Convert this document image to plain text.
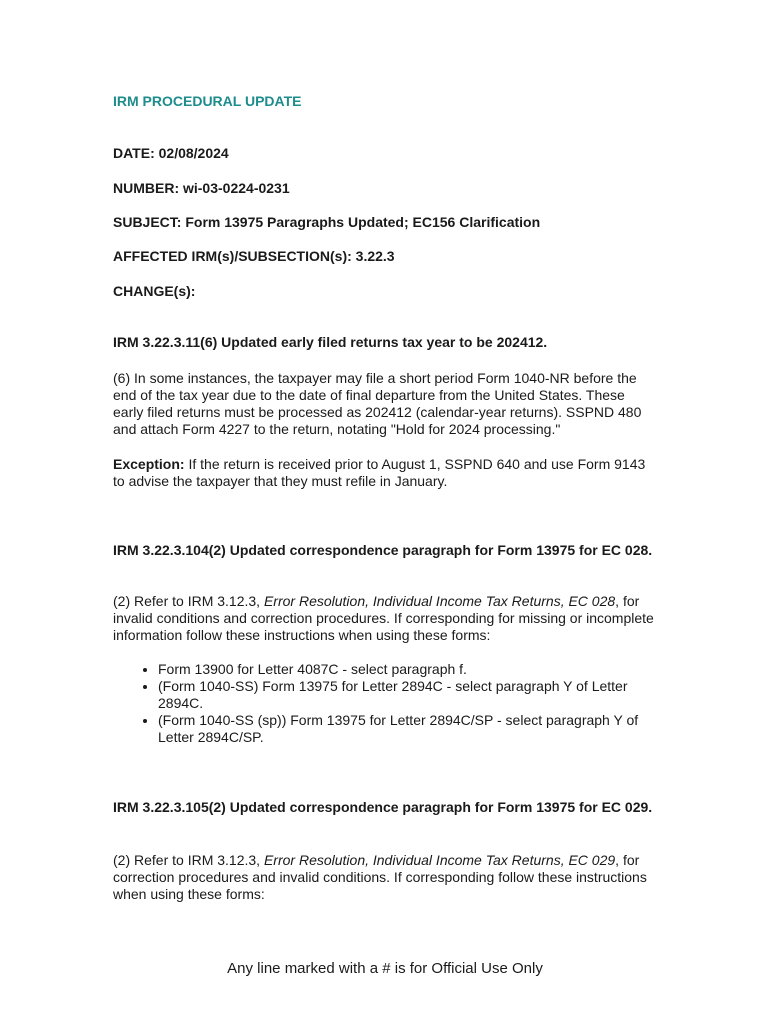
IRM PROCEDURAL UPDATE
DATE: 02/08/2024
NUMBER: wi-03-0224-0231
SUBJECT: Form 13975 Paragraphs Updated; EC156 Clarification
AFFECTED IRM(s)/SUBSECTION(s): 3.22.3
CHANGE(s):
IRM 3.22.3.11(6) Updated early filed returns tax year to be 202412.
(6) In some instances, the taxpayer may file a short period Form 1040-NR before the end of the tax year due to the date of final departure from the United States. These early filed returns must be processed as 202412 (calendar-year returns). SSPND 480 and attach Form 4227 to the return, notating "Hold for 2024 processing."
Exception: If the return is received prior to August 1, SSPND 640 and use Form 9143 to advise the taxpayer that they must refile in January.
IRM 3.22.3.104(2) Updated correspondence paragraph for Form 13975 for EC 028.
(2) Refer to IRM 3.12.3, Error Resolution, Individual Income Tax Returns, EC 028, for invalid conditions and correction procedures. If corresponding for missing or incomplete information follow these instructions when using these forms:
• Form 13900 for Letter 4087C - select paragraph f.
• (Form 1040-SS) Form 13975 for Letter 2894C - select paragraph Y of Letter 2894C.
• (Form 1040-SS (sp)) Form 13975 for Letter 2894C/SP - select paragraph Y of Letter 2894C/SP.
IRM 3.22.3.105(2) Updated correspondence paragraph for Form 13975 for EC 029.
(2) Refer to IRM 3.12.3, Error Resolution, Individual Income Tax Returns, EC 029, for correction procedures and invalid conditions. If corresponding follow these instructions when using these forms:
Any line marked with a # is for Official Use Only
